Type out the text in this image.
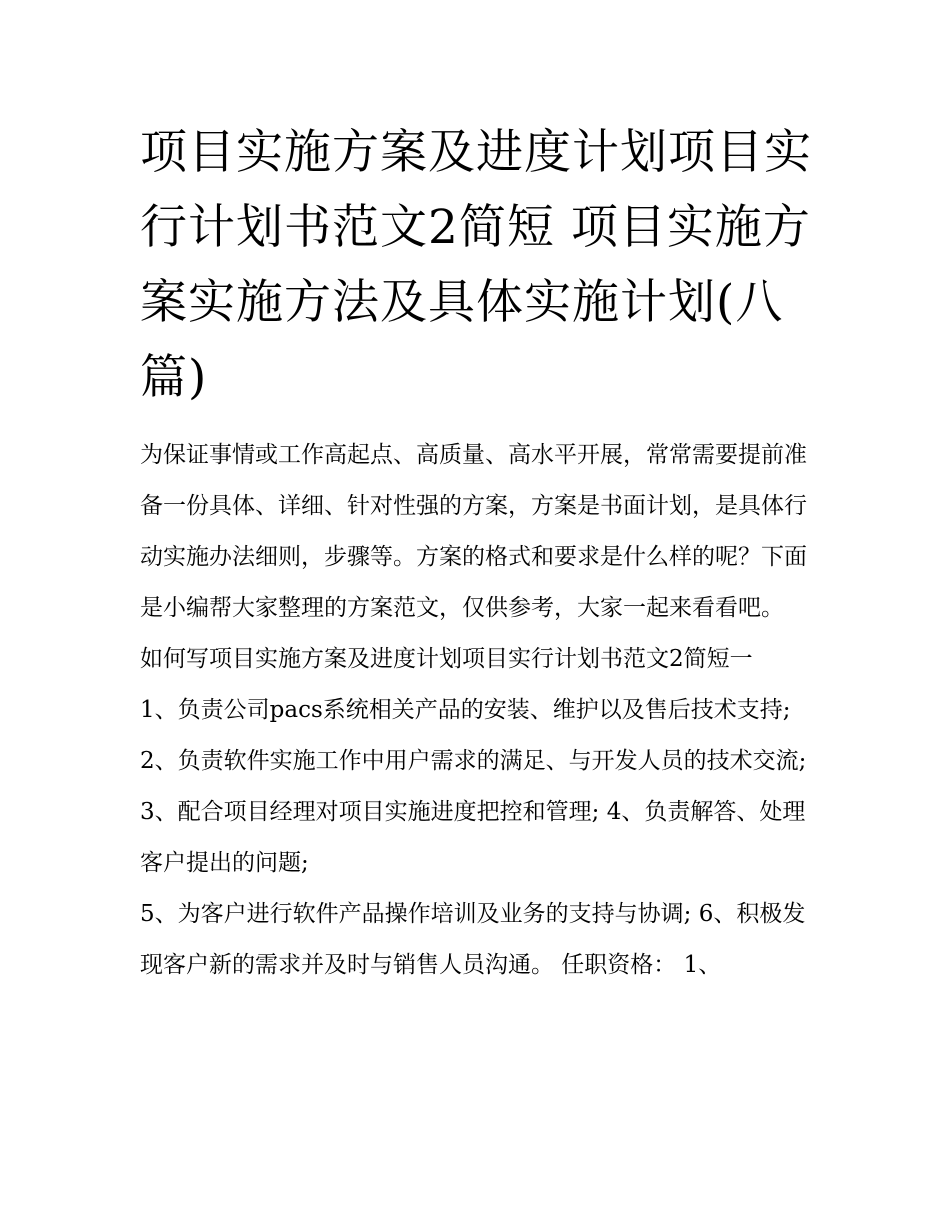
项目实施方案及进度计划项目实行计划书范文2简短 项目实施方案实施方法及具体实施计划(八篇)

为保证事情或工作高起点、高质量、高水平开展，常常需要提前准备一份具体、详细、针对性强的方案，方案是书面计划，是具体行动实施办法细则，步骤等。方案的格式和要求是什么样的呢？下面是小编帮大家整理的方案范文，仅供参考，大家一起来看看吧。

如何写项目实施方案及进度计划项目实行计划书范文2简短一

1、负责公司pacs系统相关产品的安装、维护以及售后技术支持;

2、负责软件实施工作中用户需求的满足、与开发人员的技术交流; 3、配合项目经理对项目实施进度把控和管理; 4、负责解答、处理客户提出的问题;

5、为客户进行软件产品操作培训及业务的支持与协调; 6、积极发现客户新的需求并及时与销售人员沟通。 任职资格： 1、
